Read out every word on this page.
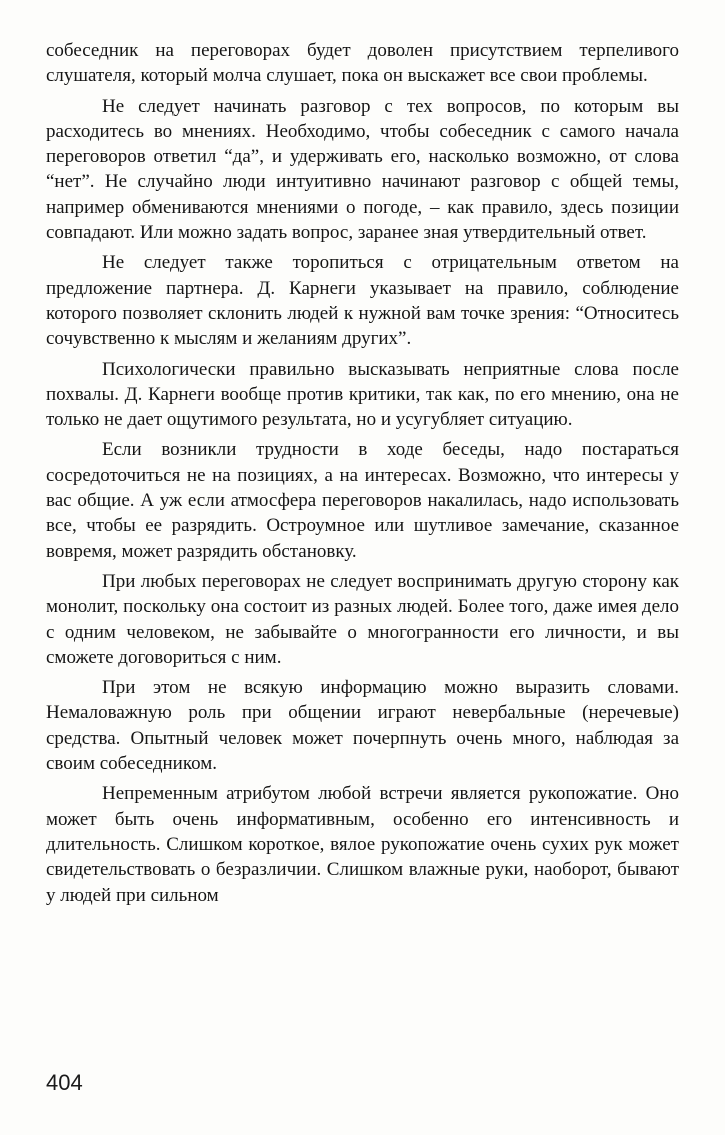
собеседник на переговорах будет доволен присутствием терпеливого слушателя, который молча слушает, пока он выскажет все свои проблемы.

Не следует начинать разговор с тех вопросов, по которым вы расходитесь во мнениях. Необходимо, чтобы собеседник с самого начала переговоров ответил “да”, и удерживать его, насколько возможно, от слова “нет”. Не случайно люди интуитивно начинают разговор с общей темы, например обмениваются мнениями о погоде, – как правило, здесь позиции совпадают. Или можно задать вопрос, заранее зная утвердительный ответ.

Не следует также торопиться с отрицательным ответом на предложение партнера. Д. Карнеги указывает на правило, соблюдение которого позволяет склонить людей к нужной вам точке зрения: “Относитесь сочувственно к мыслям и желаниям других”.

Психологически правильно высказывать неприятные слова после похвалы. Д. Карнеги вообще против критики, так как, по его мнению, она не только не дает ощутимого результата, но и усугубляет ситуацию.

Если возникли трудности в ходе беседы, надо постараться сосредоточиться не на позициях, а на интересах. Возможно, что интересы у вас общие. А уж если атмосфера переговоров накалилась, надо использовать все, чтобы ее разрядить. Остроумное или шутливое замечание, сказанное вовремя, может разрядить обстановку.

При любых переговорах не следует воспринимать другую сторону как монолит, поскольку она состоит из разных людей. Более того, даже имея дело с одним человеком, не забывайте о многогранности его личности, и вы сможете договориться с ним.

При этом не всякую информацию можно выразить словами. Немаловажную роль при общении играют невербальные (неречевые) средства. Опытный человек может почерпнуть очень много, наблюдая за своим собеседником.

Непременным атрибутом любой встречи является рукопожатие. Оно может быть очень информативным, особенно его интенсивность и длительность. Слишком короткое, вялое рукопожатие очень сухих рук может свидетельствовать о безразличии. Слишком влажные руки, наоборот, бывают у людей при сильном

404
